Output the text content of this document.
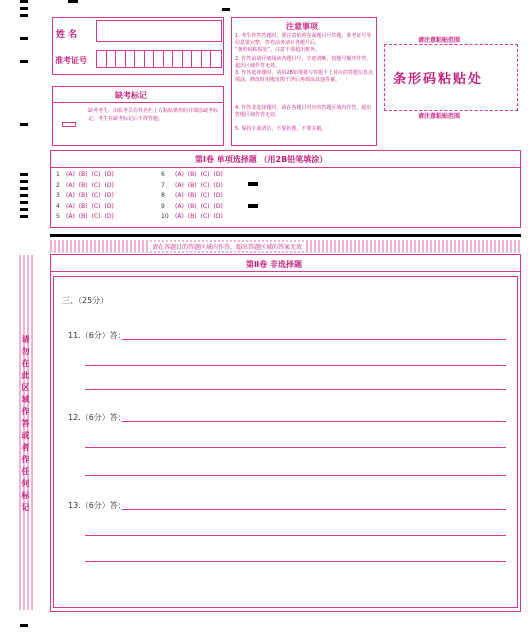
请勿在此区域作答或者作任何标记
姓 名
准考证号
缺考标记
缺考考生，由监考员在姓名栏上方粘贴条形码并填涂缺考标记，考生在缺考标记后不得答题。
注意事项
1. 考生作答答题时，要注意依照卷面题目号答题，准考证号等信息要完整，答卷前务请在各题号后，
“条形码粘贴处”。注意不要超出框外。
2. 作答前请仔细阅读各题目号，字迹清晰，按题号顺序作答，超出区域作答无效。
3. 作答选择题时，请用2B铅笔将与答题卡上对应的答题信息点填涂，修改时用橡皮擦干净后再填涂其他答案。
4. 作答非选择题时，请在各题目对应的答题区域内作答，超出答题区域作答无效。
5. 保持卡面清洁，不要折叠，不要弄破。
请注意粘贴范围
条形码粘贴处
请注意粘贴范围
第Ⅰ卷 单项选择题 （用2B铅笔填涂）
1 (A) (B) (C) (D)
2 (A) (B) (C) (D)
3 (A) (B) (C) (D)
4 (A) (B) (C) (D)
5 (A) (B) (C) (D)
6 (A) (B) (C) (D)
7 (A) (B) (C) (D)
8 (A) (B) (C) (D)
9 (A) (B) (C) (D)
10 (A) (B) (C) (D)
请在各题目的答题区域内作答，超出答题区域的答案无效
第Ⅱ卷 非选择题
三、（25分）
11.（6分）答：
12.（6分）答：
13.（6分）答：
